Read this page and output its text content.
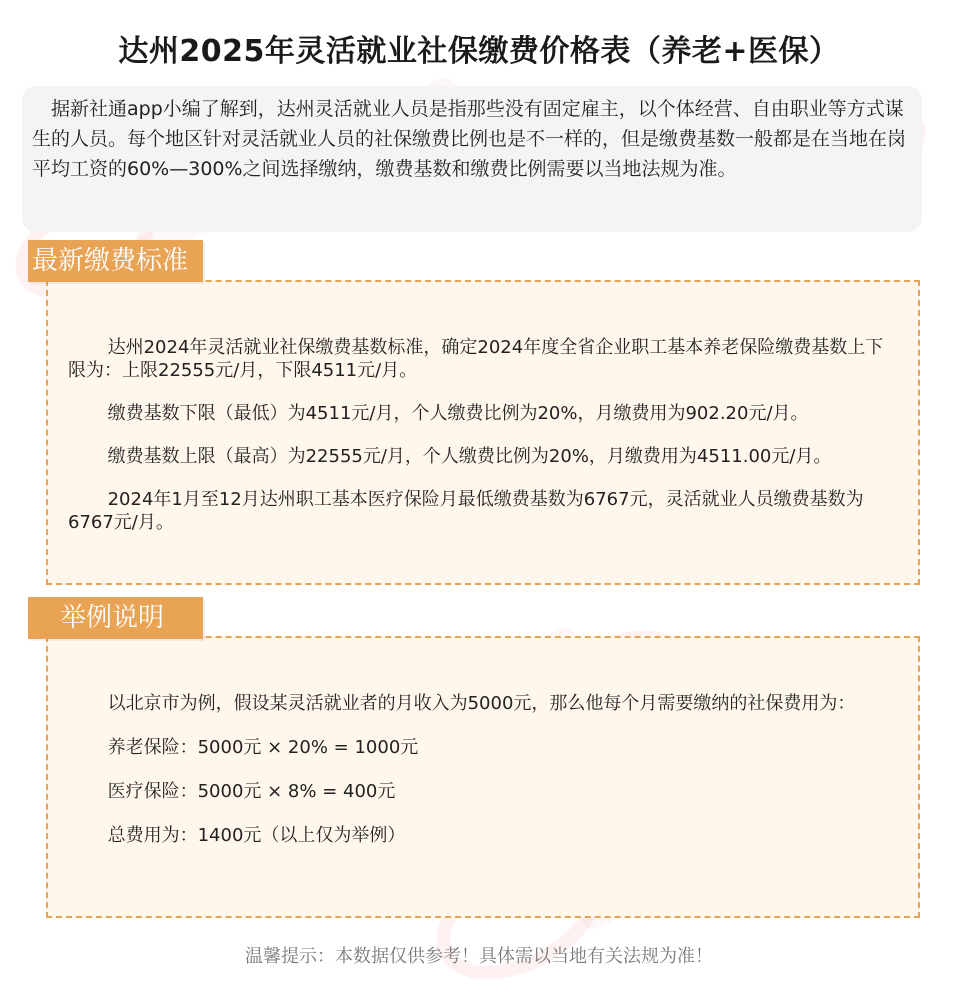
达州2025年灵活就业社保缴费价格表（养老+医保）

据新社通app小编了解到，达州灵活就业人员是指那些没有固定雇主，以个体经营、自由职业等方式谋生的人员。每个地区针对灵活就业人员的社保缴费比例也是不一样的，但是缴费基数一般都是在当地在岗平均工资的60%—300%之间选择缴纳，缴费基数和缴费比例需要以当地法规为准。

最新缴费标准

达州2024年灵活就业社保缴费基数标准，确定2024年度全省企业职工基本养老保险缴费基数上下限为：上限22555元/月，下限4511元/月。

缴费基数下限（最低）为4511元/月，个人缴费比例为20%，月缴费用为902.20元/月。

缴费基数上限（最高）为22555元/月，个人缴费比例为20%，月缴费用为4511.00元/月。

2024年1月至12月达州职工基本医疗保险月最低缴费基数为6767元，灵活就业人员缴费基数为6767元/月。

举例说明

以北京市为例，假设某灵活就业者的月收入为5000元，那么他每个月需要缴纳的社保费用为：

养老保险：5000元 × 20% = 1000元

医疗保险：5000元 × 8% = 400元

总费用为：1400元（以上仅为举例）

温馨提示：本数据仅供参考！具体需以当地有关法规为准！
